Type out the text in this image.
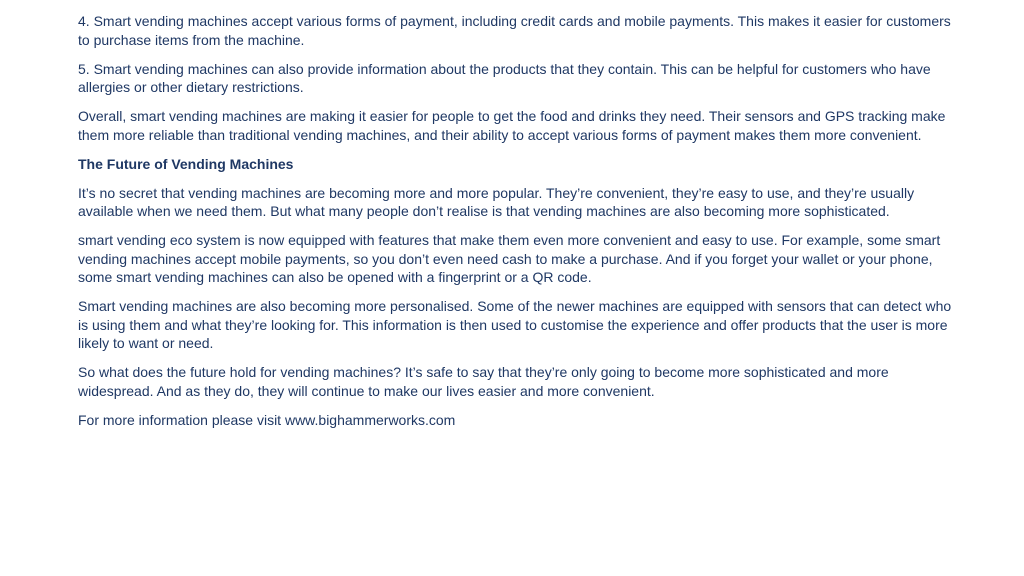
4. Smart vending machines accept various forms of payment, including credit cards and mobile payments. This makes it easier for customers to purchase items from the machine.

5. Smart vending machines can also provide information about the products that they contain. This can be helpful for customers who have allergies or other dietary restrictions.

Overall, smart vending machines are making it easier for people to get the food and drinks they need. Their sensors and GPS tracking make them more reliable than traditional vending machines, and their ability to accept various forms of payment makes them more convenient.

The Future of Vending Machines

It’s no secret that vending machines are becoming more and more popular. They’re convenient, they’re easy to use, and they’re usually available when we need them. But what many people don’t realise is that vending machines are also becoming more sophisticated.

smart vending eco system is now equipped with features that make them even more convenient and easy to use. For example, some smart vending machines accept mobile payments, so you don’t even need cash to make a purchase. And if you forget your wallet or your phone, some smart vending machines can also be opened with a fingerprint or a QR code.

Smart vending machines are also becoming more personalised. Some of the newer machines are equipped with sensors that can detect who is using them and what they’re looking for. This information is then used to customise the experience and offer products that the user is more likely to want or need.

So what does the future hold for vending machines? It’s safe to say that they’re only going to become more sophisticated and more widespread. And as they do, they will continue to make our lives easier and more convenient.

For more information please visit www.bighammerworks.com
